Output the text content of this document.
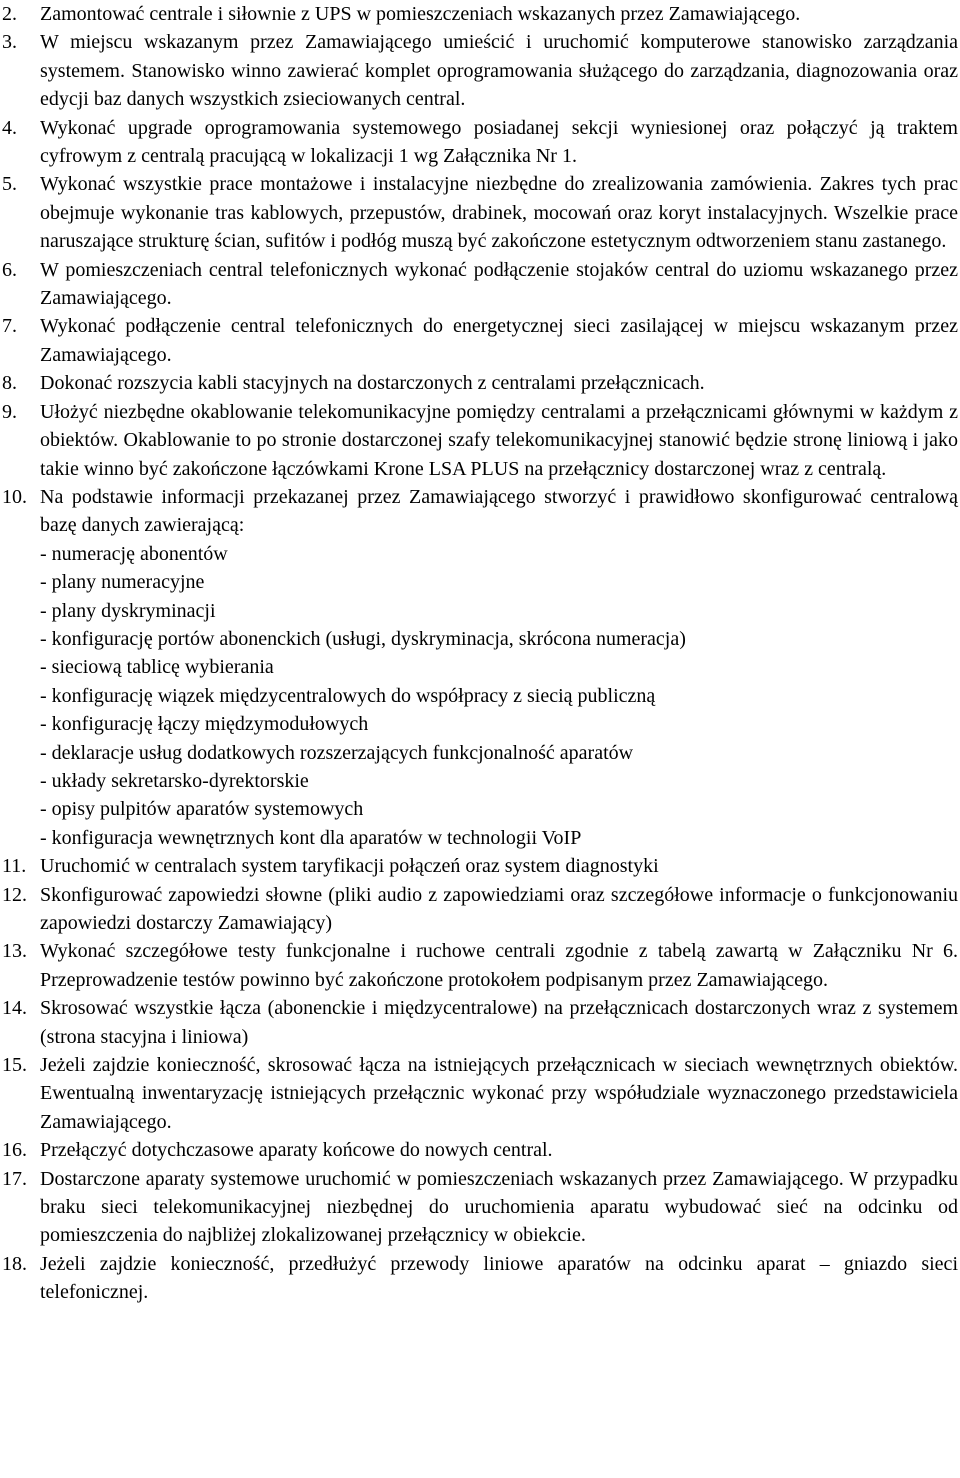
2.	Zamontować centrale i siłownie z UPS w pomieszczeniach wskazanych przez Zamawiającego.
3.	W miejscu wskazanym przez Zamawiającego umieścić i uruchomić komputerowe stanowisko zarządzania systemem. Stanowisko winno zawierać komplet oprogramowania służącego do zarządzania, diagnozowania oraz edycji baz danych wszystkich zsieciowanych central.
4.	Wykonać upgrade oprogramowania systemowego posiadanej sekcji wyniesionej oraz połączyć ją traktem cyfrowym z centralą pracującą w lokalizacji 1 wg Załącznika Nr 1.
5.	Wykonać wszystkie prace montażowe i instalacyjne niezbędne do zrealizowania zamówienia. Zakres tych prac obejmuje wykonanie tras kablowych, przepustów, drabinek, mocowań oraz koryt instalacyjnych. Wszelkie prace naruszające strukturę ścian, sufitów i podłóg muszą być zakończone estetycznym odtworzeniem stanu zastanego.
6.	W pomieszczeniach central telefonicznych wykonać podłączenie stojaków central do uziomu wskazanego przez Zamawiającego.
7.	Wykonać podłączenie central telefonicznych do energetycznej sieci zasilającej w miejscu wskazanym przez Zamawiającego.
8.	Dokonać rozszycia kabli stacyjnych na dostarczonych z centralami przełącznicach.
9.	Ułożyć niezbędne okablowanie telekomunikacyjne pomiędzy centralami a przełącznicami głównymi w każdym z obiektów. Okablowanie to po stronie dostarczonej szafy telekomunikacyjnej stanowić będzie stronę liniową i jako takie winno być zakończone łączówkami Krone LSA PLUS na przełącznicy dostarczonej wraz z centralą.
10. Na podstawie informacji przekazanej przez Zamawiającego stworzyć i prawidłowo skonfigurować centralową bazę danych zawierającą:
- numerację abonentów
- plany numeracyjne
- plany dyskryminacji
- konfigurację portów abonenckich (usługi, dyskryminacja, skrócona numeracja)
- sieciową tablicę wybierania
- konfigurację wiązek międzycentralowych do współpracy z siecią publiczną
- konfigurację łączy międzymodułowych
- deklaracje usług dodatkowych rozszerzających funkcjonalność aparatów
- układy sekretarsko-dyrektorskie
- opisy pulpitów aparatów systemowych
- konfiguracja wewnętrznych kont dla aparatów w technologii VoIP
11. Uruchomić w centralach system taryfikacji połączeń oraz system diagnostyki
12. Skonfigurować zapowiedzi słowne (pliki audio z zapowiedziami oraz szczegółowe informacje o funkcjonowaniu zapowiedzi dostarczy Zamawiający)
13. Wykonać szczegółowe testy funkcjonalne i ruchowe centrali zgodnie z tabelą zawartą w Załączniku Nr 6. Przeprowadzenie testów powinno być zakończone protokołem podpisanym przez Zamawiającego.
14. Skrosować wszystkie łącza (abonenckie i międzycentralowe) na przełącznicach dostarczonych wraz z systemem (strona stacyjna i liniowa)
15. Jeżeli zajdzie konieczność, skrosować łącza na istniejących przełącznicach w sieciach wewnętrznych obiektów. Ewentualną inwentaryzację istniejących przełącznic wykonać przy współudziale wyznaczonego przedstawiciela Zamawiającego.
16. Przełączyć dotychczasowe aparaty końcowe do nowych central.
17. Dostarczone aparaty systemowe uruchomić w pomieszczeniach wskazanych przez Zamawiającego. W przypadku braku sieci telekomunikacyjnej niezbędnej do uruchomienia aparatu wybudować sieć na odcinku od pomieszczenia do najbliżej zlokalizowanej przełącznicy w obiekcie.
18. Jeżeli zajdzie konieczność, przedłużyć przewody liniowe aparatów na odcinku aparat – gniazdo sieci telefonicznej.
